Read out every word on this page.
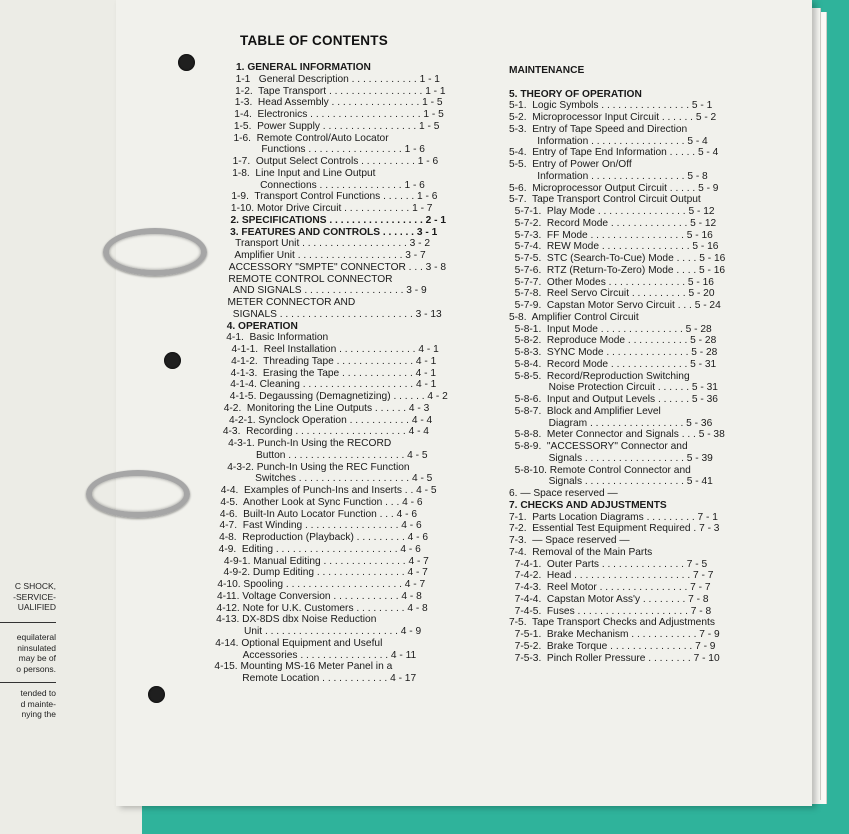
C SHOCK,
-SERVICE-
UALIFIED
equilateral
ninsulated
may be of
o persons.
tended to
d mainte-
nying the
TABLE OF CONTENTS
1. GENERAL INFORMATION
1-1   General Description . . . . . . . . . . . . 1 - 1
1-2.  Tape Transport . . . . . . . . . . . . . . . . . 1 - 1
1-3.  Head Assembly . . . . . . . . . . . . . . . . 1 - 5
1-4.  Electronics . . . . . . . . . . . . . . . . . . . . 1 - 5
1-5.  Power Supply . . . . . . . . . . . . . . . . . 1 - 5
1-6.  Remote Control/Auto Locator
Functions . . . . . . . . . . . . . . . . . 1 - 6
1-7.  Output Select Controls . . . . . . . . . . 1 - 6
1-8.  Line Input and Line Output
Connections . . . . . . . . . . . . . . . 1 - 6
1-9.  Transport Control Functions . . . . . . 1 - 6
1-10. Motor Drive Circuit . . . . . . . . . . . . 1 - 7
2. SPECIFICATIONS . . . . . . . . . . . . . . . . . 2 - 1
3. FEATURES AND CONTROLS . . . . . . 3 - 1
Transport Unit . . . . . . . . . . . . . . . . . . . 3 - 2
Amplifier Unit . . . . . . . . . . . . . . . . . . . 3 - 7
ACCESSORY "SMPTE" CONNECTOR . . . 3 - 8
REMOTE CONTROL CONNECTOR
AND SIGNALS . . . . . . . . . . . . . . . . . . 3 - 9
METER CONNECTOR AND
SIGNALS . . . . . . . . . . . . . . . . . . . . . . . . 3 - 13
4. OPERATION
4-1.  Basic Information
4-1-1.  Reel Installation . . . . . . . . . . . . . . 4 - 1
4-1-2.  Threading Tape . . . . . . . . . . . . . . 4 - 1
4-1-3.  Erasing the Tape . . . . . . . . . . . . . 4 - 1
4-1-4. Cleaning . . . . . . . . . . . . . . . . . . . . 4 - 1
4-1-5. Degaussing (Demagnetizing) . . . . . . 4 - 2
4-2.  Monitoring the Line Outputs . . . . . . 4 - 3
4-2-1. Synclock Operation . . . . . . . . . . . 4 - 4
4-3.  Recording . . . . . . . . . . . . . . . . . . . . 4 - 4
4-3-1. Punch-In Using the RECORD
Button . . . . . . . . . . . . . . . . . . . . . 4 - 5
4-3-2. Punch-In Using the REC Function
Switches . . . . . . . . . . . . . . . . . . . . 4 - 5
4-4.  Examples of Punch-Ins and Inserts . . 4 - 5
4-5.  Another Look at Sync Function . . . 4 - 6
4-6.  Built-In Auto Locator Function . . . 4 - 6
4-7.  Fast Winding . . . . . . . . . . . . . . . . . 4 - 6
4-8.  Reproduction (Playback) . . . . . . . . . 4 - 6
4-9.  Editing . . . . . . . . . . . . . . . . . . . . . . 4 - 6
4-9-1. Manual Editing . . . . . . . . . . . . . . . 4 - 7
4-9-2. Dump Editing . . . . . . . . . . . . . . . . 4 - 7
4-10. Spooling . . . . . . . . . . . . . . . . . . . . . 4 - 7
4-11. Voltage Conversion . . . . . . . . . . . . 4 - 8
4-12. Note for U.K. Customers . . . . . . . . . 4 - 8
4-13. DX-8DS dbx Noise Reduction
Unit . . . . . . . . . . . . . . . . . . . . . . . . 4 - 9
4-14. Optional Equipment and Useful
Accessories . . . . . . . . . . . . . . . . 4 - 11
4-15. Mounting MS-16 Meter Panel in a
Remote Location . . . . . . . . . . . . 4 - 17
MAINTENANCE
5. THEORY OF OPERATION
5-1.  Logic Symbols . . . . . . . . . . . . . . . . 5 - 1
5-2.  Microprocessor Input Circuit . . . . . . 5 - 2
5-3.  Entry of Tape Speed and Direction
Information . . . . . . . . . . . . . . . . . 5 - 4
5-4.  Entry of Tape End Information . . . . . 5 - 4
5-5.  Entry of Power On/Off
Information . . . . . . . . . . . . . . . . . 5 - 8
5-6.  Microprocessor Output Circuit . . . . . 5 - 9
5-7.  Tape Transport Control Circuit Output
5-7-1.  Play Mode . . . . . . . . . . . . . . . . 5 - 12
5-7-2.  Record Mode . . . . . . . . . . . . . . 5 - 12
5-7-3.  FF Mode . . . . . . . . . . . . . . . . . 5 - 16
5-7-4.  REW Mode . . . . . . . . . . . . . . . . 5 - 16
5-7-5.  STC (Search-To-Cue) Mode . . . . 5 - 16
5-7-6.  RTZ (Return-To-Zero) Mode . . . . 5 - 16
5-7-7.  Other Modes . . . . . . . . . . . . . . 5 - 16
5-7-8.  Reel Servo Circuit . . . . . . . . . . 5 - 20
5-7-9.  Capstan Motor Servo Circuit . . . 5 - 24
5-8.  Amplifier Control Circuit
5-8-1.  Input Mode . . . . . . . . . . . . . . . 5 - 28
5-8-2.  Reproduce Mode . . . . . . . . . . . 5 - 28
5-8-3.  SYNC Mode . . . . . . . . . . . . . . . 5 - 28
5-8-4.  Record Mode . . . . . . . . . . . . . . 5 - 31
5-8-5.  Record/Reproduction Switching
Noise Protection Circuit . . . . . . 5 - 31
5-8-6.  Input and Output Levels . . . . . . 5 - 36
5-8-7.  Block and Amplifier Level
Diagram . . . . . . . . . . . . . . . . . 5 - 36
5-8-8.  Meter Connector and Signals . . . 5 - 38
5-8-9.  "ACCESSORY" Connector and
Signals . . . . . . . . . . . . . . . . . . 5 - 39
5-8-10. Remote Control Connector and
Signals . . . . . . . . . . . . . . . . . . 5 - 41
6. — Space reserved —
7. CHECKS AND ADJUSTMENTS
7-1.  Parts Location Diagrams . . . . . . . . . 7 - 1
7-2.  Essential Test Equipment Required . 7 - 3
7-3.  — Space reserved —
7-4.  Removal of the Main Parts
7-4-1.  Outer Parts . . . . . . . . . . . . . . . 7 - 5
7-4-2.  Head . . . . . . . . . . . . . . . . . . . . . 7 - 7
7-4-3.  Reel Motor . . . . . . . . . . . . . . . . 7 - 7
7-4-4.  Capstan Motor Ass'y . . . . . . . . 7 - 8
7-4-5.  Fuses . . . . . . . . . . . . . . . . . . . . 7 - 8
7-5.  Tape Transport Checks and Adjustments
7-5-1.  Brake Mechanism . . . . . . . . . . . . 7 - 9
7-5-2.  Brake Torque . . . . . . . . . . . . . . . 7 - 9
7-5-3.  Pinch Roller Pressure . . . . . . . . 7 - 10
